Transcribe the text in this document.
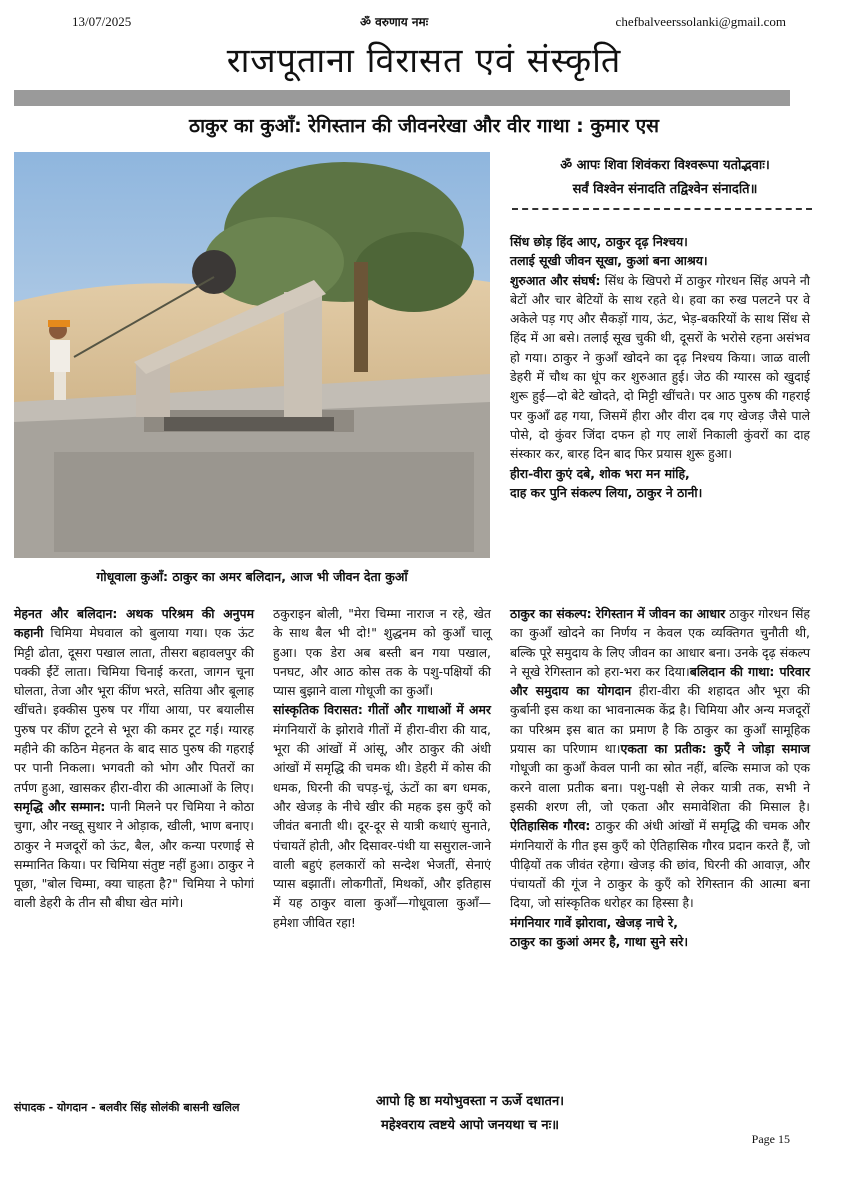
13/07/2025	ॐ वरुणाय नमः	chefbalveerssolanki@gmail.com
राजपूताना विरासत एवं संस्कृति
ठाकुर का कुआँ: रेगिस्तान की जीवनरेखा और वीर गाथा : कुमार एस
गोधूवाला कुआँ: ठाकुर का अमर बलिदान, आज भी जीवन देता कुआँ
ॐ आपः शिवा शिवंकरा विश्वरूपा यतोद्भवाः।
सर्वं विश्वेन संनादति तद्विश्वेन संनादति॥

सिंध छोड़ हिंद आए, ठाकुर दृढ़ निश्चय।

तलाई सूखी जीवन सूखा, कुआं बना आश्रय।

शुरुआत और संघर्ष: सिंध के खिपरो में ठाकुर गोरधन सिंह अपने नौ बेटों और चार बेटियों के साथ रहते थे। हवा का रुख पलटने पर वे अकेले पड़ गए और सैकड़ों गाय, ऊंट, भेड़-बकरियों के साथ सिंध से हिंद में आ बसे। तलाई सूख चुकी थी, दूसरों के भरोसे रहना असंभव हो गया। ठाकुर ने कुआँ खोदने का दृढ़ निश्चय किया। जाळ वाली डेहरी में चौथ का धूंप कर शुरुआत हुई। जेठ की ग्यारस को खुदाई शुरू हुई—दो बेटे खोदते, दो मिट्टी खींचते। पर आठ पुरुष की गहराई पर कुआँ ढह गया, जिसमें हीरा और वीरा दब गए खेजड़ जैसे पाले पोसे, दो कुंवर जिंदा दफन हो गए लाशें निकाली कुंवरों का दाह संस्कार कर, बारह दिन बाद फिर प्रयास शुरू हुआ।

हीरा-वीरा कुएं दबे, शोक भरा मन मांहि,

दाह कर पुनि संकल्प लिया, ठाकुर ने ठानी।

मेहनत और बलिदान: अथक परिश्रम की अनुपम कहानी चिमिया मेघवाल को बुलाया गया। एक ऊंट मिट्टी ढोता, दूसरा पखाल लाता, तीसरा बहावलपुर की पक्की ईंटें लाता। चिमिया चिनाई करता, जागन चूना घोलता, तेजा और भूरा कींण भरते, सतिया और बूलाह खींचते। इक्कीस पुरुष पर गींया आया, पर बयालीस पुरुष पर कींण टूटने से भूरा की कमर टूट गई। ग्यारह महीने की कठिन मेहनत के बाद साठ पुरुष की गहराई पर पानी निकला। भगवती को भोग और पितरों का तर्पण हुआ, खासकर हीरा-वीरा की आत्माओं के लिए।समृद्धि और सम्मान: पानी मिलने पर चिमिया ने कोठा चुगा, और नख्तू सुथार ने ओड़ाक, खीली, भाण बनाए। ठाकुर ने मजदूरों को ऊंट, बैल, और कन्या परणाई से सम्मानित किया। पर चिमिया संतुष्ट नहीं हुआ। ठाकुर ने पूछा, "बोल चिम्मा, क्या चाहता है?" चिमिया ने फोगां वाली डेहरी के तीन सौ बीघा खेत मांगे।

ठकुराइन बोली, "मेरा चिम्मा नाराज न रहे, खेत के साथ बैल भी दो!" शुद्धनम को कुआँ चालू हुआ। एक डेरा अब बस्ती बन गया पखाल, पनघट, और आठ कोस तक के पशु-पक्षियों की प्यास बुझाने वाला गोधूजी का कुआँ।

सांस्कृतिक विरासत: गीतों और गाथाओं में अमर मंगनियारों के झोरावे गीतों में हीरा-वीरा की याद, भूरा की आंखों में आंसू, और ठाकुर की अंधी आंखों में समृद्धि की चमक थी। डेहरी में कोस की धमक, घिरनी की चपड़-चूं, ऊंटों का बग धमक, और खेजड़ के नीचे खीर की महक इस कुएँ को जीवंत बनाती थी। दूर-दूर से यात्री कथाएं सुनाते, पंचायतें होती, और दिसावर-पंथी या ससुराल-जाने वाली बहुएं हलकारों को सन्देश भेजतीं, सेनाएं प्यास बझातीं। लोकगीतों, मिथकों, और इतिहास में यह ठाकुर वाला कुआँ—गोधूवाला कुआँ—हमेशा जीवित रहा!

ठाकुर का संकल्प: रेगिस्तान में जीवन का आधार ठाकुर गोरधन सिंह का कुआँ खोदने का निर्णय न केवल एक व्यक्तिगत चुनौती थी, बल्कि पूरे समुदाय के लिए जीवन का आधार बना। उनके दृढ़ संकल्प ने सूखे रेगिस्तान को हरा-भरा कर दिया।बलिदान की गाथा: परिवार और समुदाय का योगदान हीरा-वीरा की शहादत और भूरा की कुर्बानी इस कथा का भावनात्मक केंद्र है। चिमिया और अन्य मजदूरों का परिश्रम इस बात का प्रमाण है कि ठाकुर का कुआँ सामूहिक प्रयास का परिणाम था।एकता का प्रतीक: कुएँ ने जोड़ा समाज गोधूजी का कुआँ केवल पानी का स्रोत नहीं, बल्कि समाज को एक करने वाला प्रतीक बना। पशु-पक्षी से लेकर यात्री तक, सभी ने इसकी शरण ली, जो एकता और समावेशिता की मिसाल है।ऐतिहासिक गौरव: ठाकुर की अंधी आंखों में समृद्धि की चमक और मंगनियारों के गीत इस कुएँ को ऐतिहासिक गौरव प्रदान करते हैं, जो पीढ़ियों तक जीवंत रहेगा। खेजड़ की छांव, घिरनी की आवाज़, और पंचायतों की गूंज ने ठाकुर के कुएँ को रेगिस्तान की आत्मा बना दिया, जो सांस्कृतिक धरोहर का हिस्सा है।

मंगनियार गावें झोरावा, खेजड़ नाचे रे,

ठाकुर का कुआं अमर है, गाथा सुने सरे।

संपादक - योगदान - बलवीर सिंह सोलंकी बासनी खलिल	आपो हि ष्ठा मयोभुवस्ता न ऊर्जे दधातन।
महेश्वराय त्वष्टये आपो जनयथा च नः॥
Page 15
